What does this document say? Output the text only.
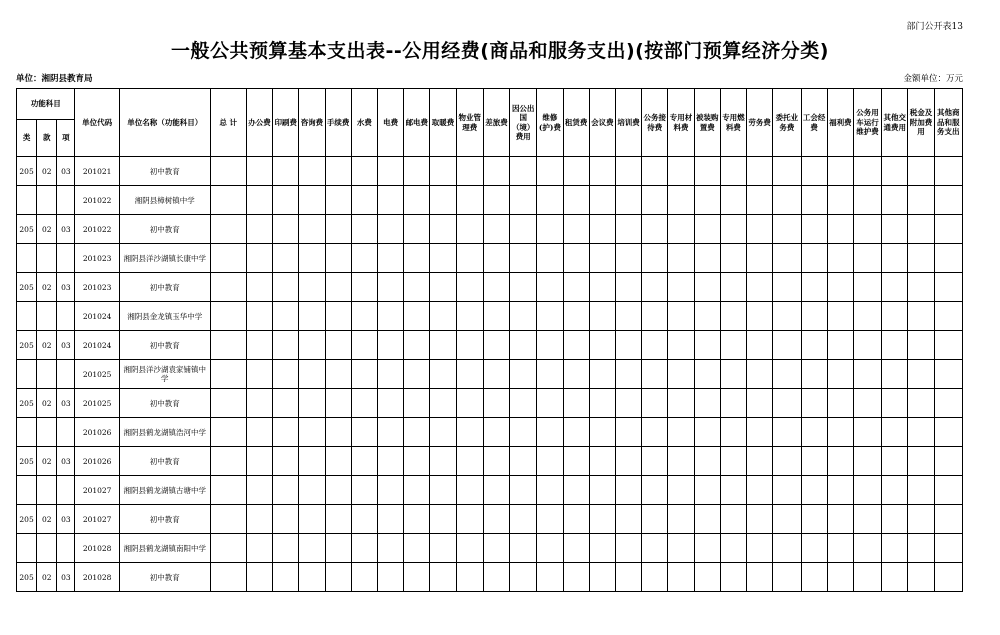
部门公开表13
一般公共预算基本支出表--公用经费(商品和服务支出)(按部门预算经济分类)
单位：湘阴县教育局	金额单位：万元
功能科目			单位代码	单位名称（功能科目）	总 计	办公费	印刷费	咨询费	手续费	水费	电费	邮电费	取暖费	物业管理费	差旅费	因公出国（境）费用	维修(护)费	租赁费	会议费	培训费	公务接待费	专用材料费	被装购置费	专用燃料费	劳务费	委托业务费	工会经费	福利费	公务用车运行维护费	其他交通费用	税金及附加费用	其他商品和服务支出
类	款	项																														
205	02	03	201021	初中教育																												
			201022	湘阴县樟树镇中学																												
205	02	03	201022	初中教育																												
			201023	湘阴县洋沙湖镇长康中学																												
205	02	03	201023	初中教育																												
			201024	湘阴县金龙镇玉华中学																												
205	02	03	201024	初中教育																												
			201025	湘阴县洋沙湖袁家铺镇中学																												
205	02	03	201025	初中教育																												
			201026	湘阴县鹤龙湖镇浩河中学																												
205	02	03	201026	初中教育																												
			201027	湘阴县鹤龙湖镇古塘中学																												
205	02	03	201027	初中教育																												
			201028	湘阴县鹤龙湖镇南阳中学																												
205	02	03	201028	初中教育																												
